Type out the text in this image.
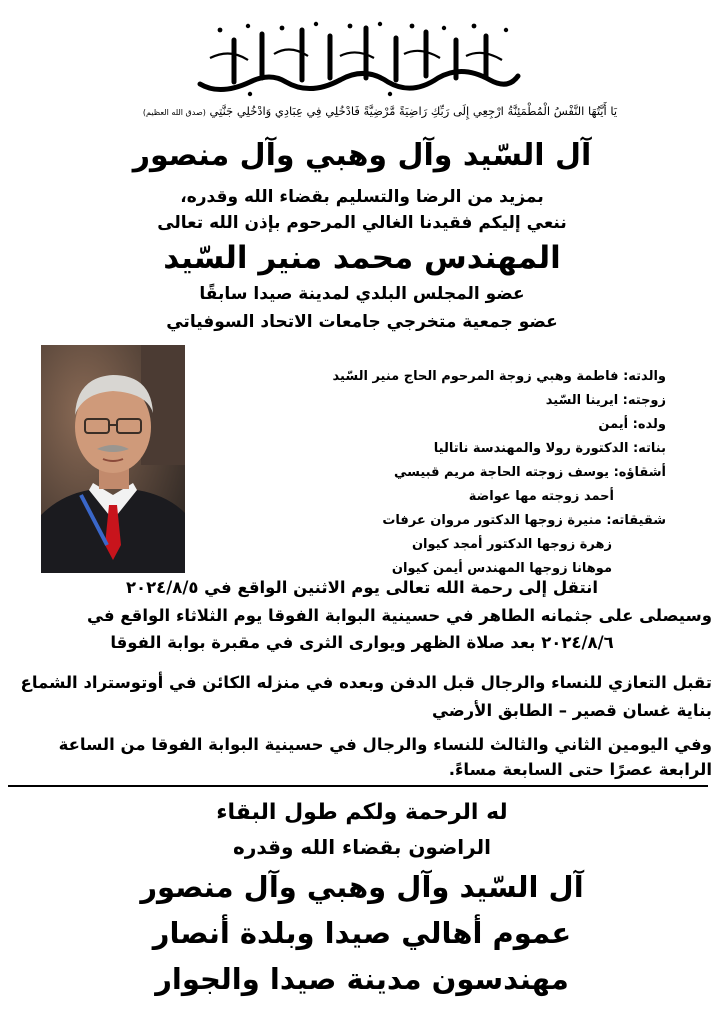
يَا أَيَّتُهَا النَّفْسُ الْمُطْمَئِنَّةُ ارْجِعِي إِلَى رَبِّكِ رَاضِيَةً مَّرْضِيَّةً فَادْخُلِي فِي عِبَادِي وَادْخُلِي جَنَّتِي (صدق الله العظيم)
آل السّيد وآل وهبي وآل منصور
بمزيد من الرضا والتسليم بقضاء الله وقدره،
ننعي إليكم فقيدنا الغالي المرحوم بإذن الله تعالى
المهندس محمد منير السّيد
عضو المجلس البلدي لمدينة صيدا سابقًا
عضو جمعية متخرجي جامعات الاتحاد السوفياتي
والدته: فاطمة وهبي زوجة المرحوم الحاج منير السّيد
زوجته: ايرينا السّيد
ولده: أيمن
بناته: الدكتورة رولا والمهندسة ناتاليا
أشقاؤه: يوسف زوجته الحاجة مريم قبيسي
أحمد زوجته مها عواضة
شقيقاته: منيرة زوجها الدكتور مروان عرفات
زهرة زوجها الدكتور أمجد كيوان
موهانا زوجها المهندس أيمن كيوان
انتقل إلى رحمة الله تعالى يوم الاثنين الواقع في ٢٠٢٤/٨/٥
وسيصلى على جثمانه الطاهر في حسينية البوابة الفوقا يوم الثلاثاء الواقع في
٢٠٢٤/٨/٦ بعد صلاة الظهر ويوارى الثرى في مقبرة بوابة الفوقا
تقبل التعازي للنساء والرجال قبل الدفن وبعده في منزله الكائن في أوتوستراد الشماع
بناية غسان قصير – الطابق الأرضي
وفي اليومين الثاني والثالث للنساء والرجال في حسينية البوابة الفوقا من الساعة
الرابعة عصرًا حتى السابعة مساءً.
له الرحمة ولكم طول البقاء
الراضون بقضاء الله وقدره
آل السّيد وآل وهبي وآل منصور
عموم أهالي صيدا وبلدة أنصار
مهندسون مدينة صيدا والجوار
